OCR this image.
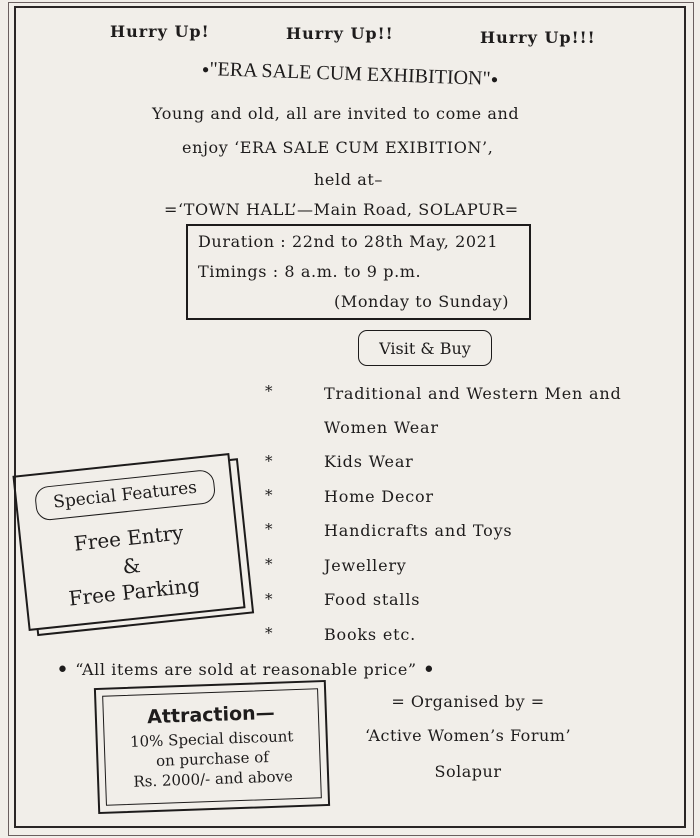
Hurry Up!	Hurry Up!!	Hurry Up!!!
•"ERA SALE CUM EXHIBITION"•
Young and old, all are invited to come and
enjoy ‘ERA SALE CUM EXIBITION’,
held at–
=‘TOWN HALL’—Main Road, SOLAPUR=
Duration : 22nd to 28th May, 2021
Timings : 8 a.m. to 9 p.m.
(Monday to Sunday)
Visit & Buy
*	Traditional and Western Men and
Women Wear
*	Kids Wear
*	Home Decor
*	Handicrafts and Toys
*	Jewellery
*	Food stalls
*	Books etc.
Special Features
Free Entry
&
Free Parking
• “All items are sold at reasonable price” •
Attraction—
10% Special discount
on purchase of
Rs. 2000/- and above
= Organised by =
‘Active Women’s Forum’
Solapur
